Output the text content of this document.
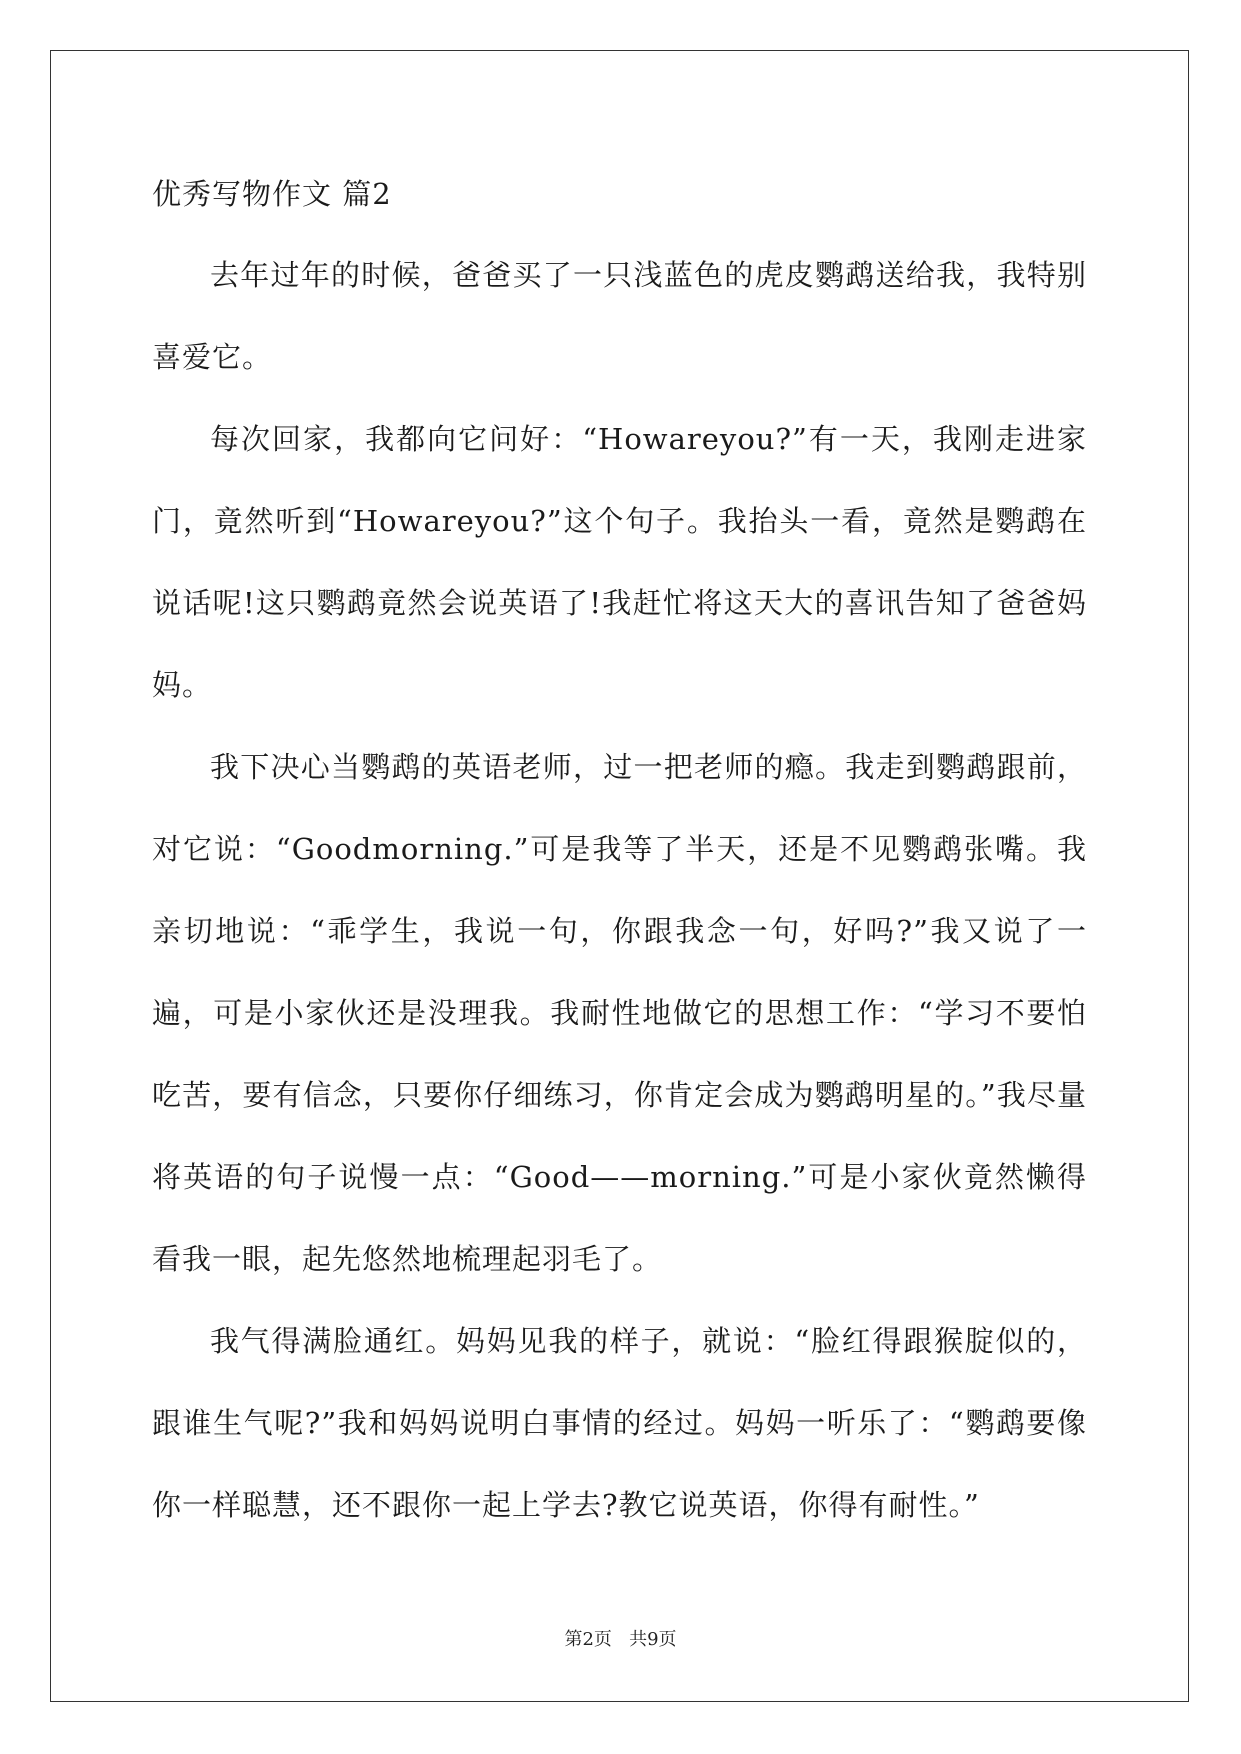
优秀写物作文 篇2

去年过年的时候，爸爸买了一只浅蓝色的虎皮鹦鹉送给我，我特别喜爱它。

每次回家，我都向它问好：“Howareyou?”有一天，我刚走进家门，竟然听到“Howareyou?”这个句子。我抬头一看，竟然是鹦鹉在说话呢!这只鹦鹉竟然会说英语了!我赶忙将这天大的喜讯告知了爸爸妈妈。

我下决心当鹦鹉的英语老师，过一把老师的瘾。我走到鹦鹉跟前，对它说：“Goodmorning.”可是我等了半天，还是不见鹦鹉张嘴。我亲切地说：“乖学生，我说一句，你跟我念一句，好吗?”我又说了一遍，可是小家伙还是没理我。我耐性地做它的思想工作：“学习不要怕吃苦，要有信念，只要你仔细练习，你肯定会成为鹦鹉明星的。”我尽量将英语的句子说慢一点：“Good——morning.”可是小家伙竟然懒得看我一眼，起先悠然地梳理起羽毛了。

我气得满脸通红。妈妈见我的样子，就说：“脸红得跟猴腚似的，跟谁生气呢?”我和妈妈说明白事情的经过。妈妈一听乐了：“鹦鹉要像你一样聪慧，还不跟你一起上学去?教它说英语，你得有耐性。”

第2页 共9页
